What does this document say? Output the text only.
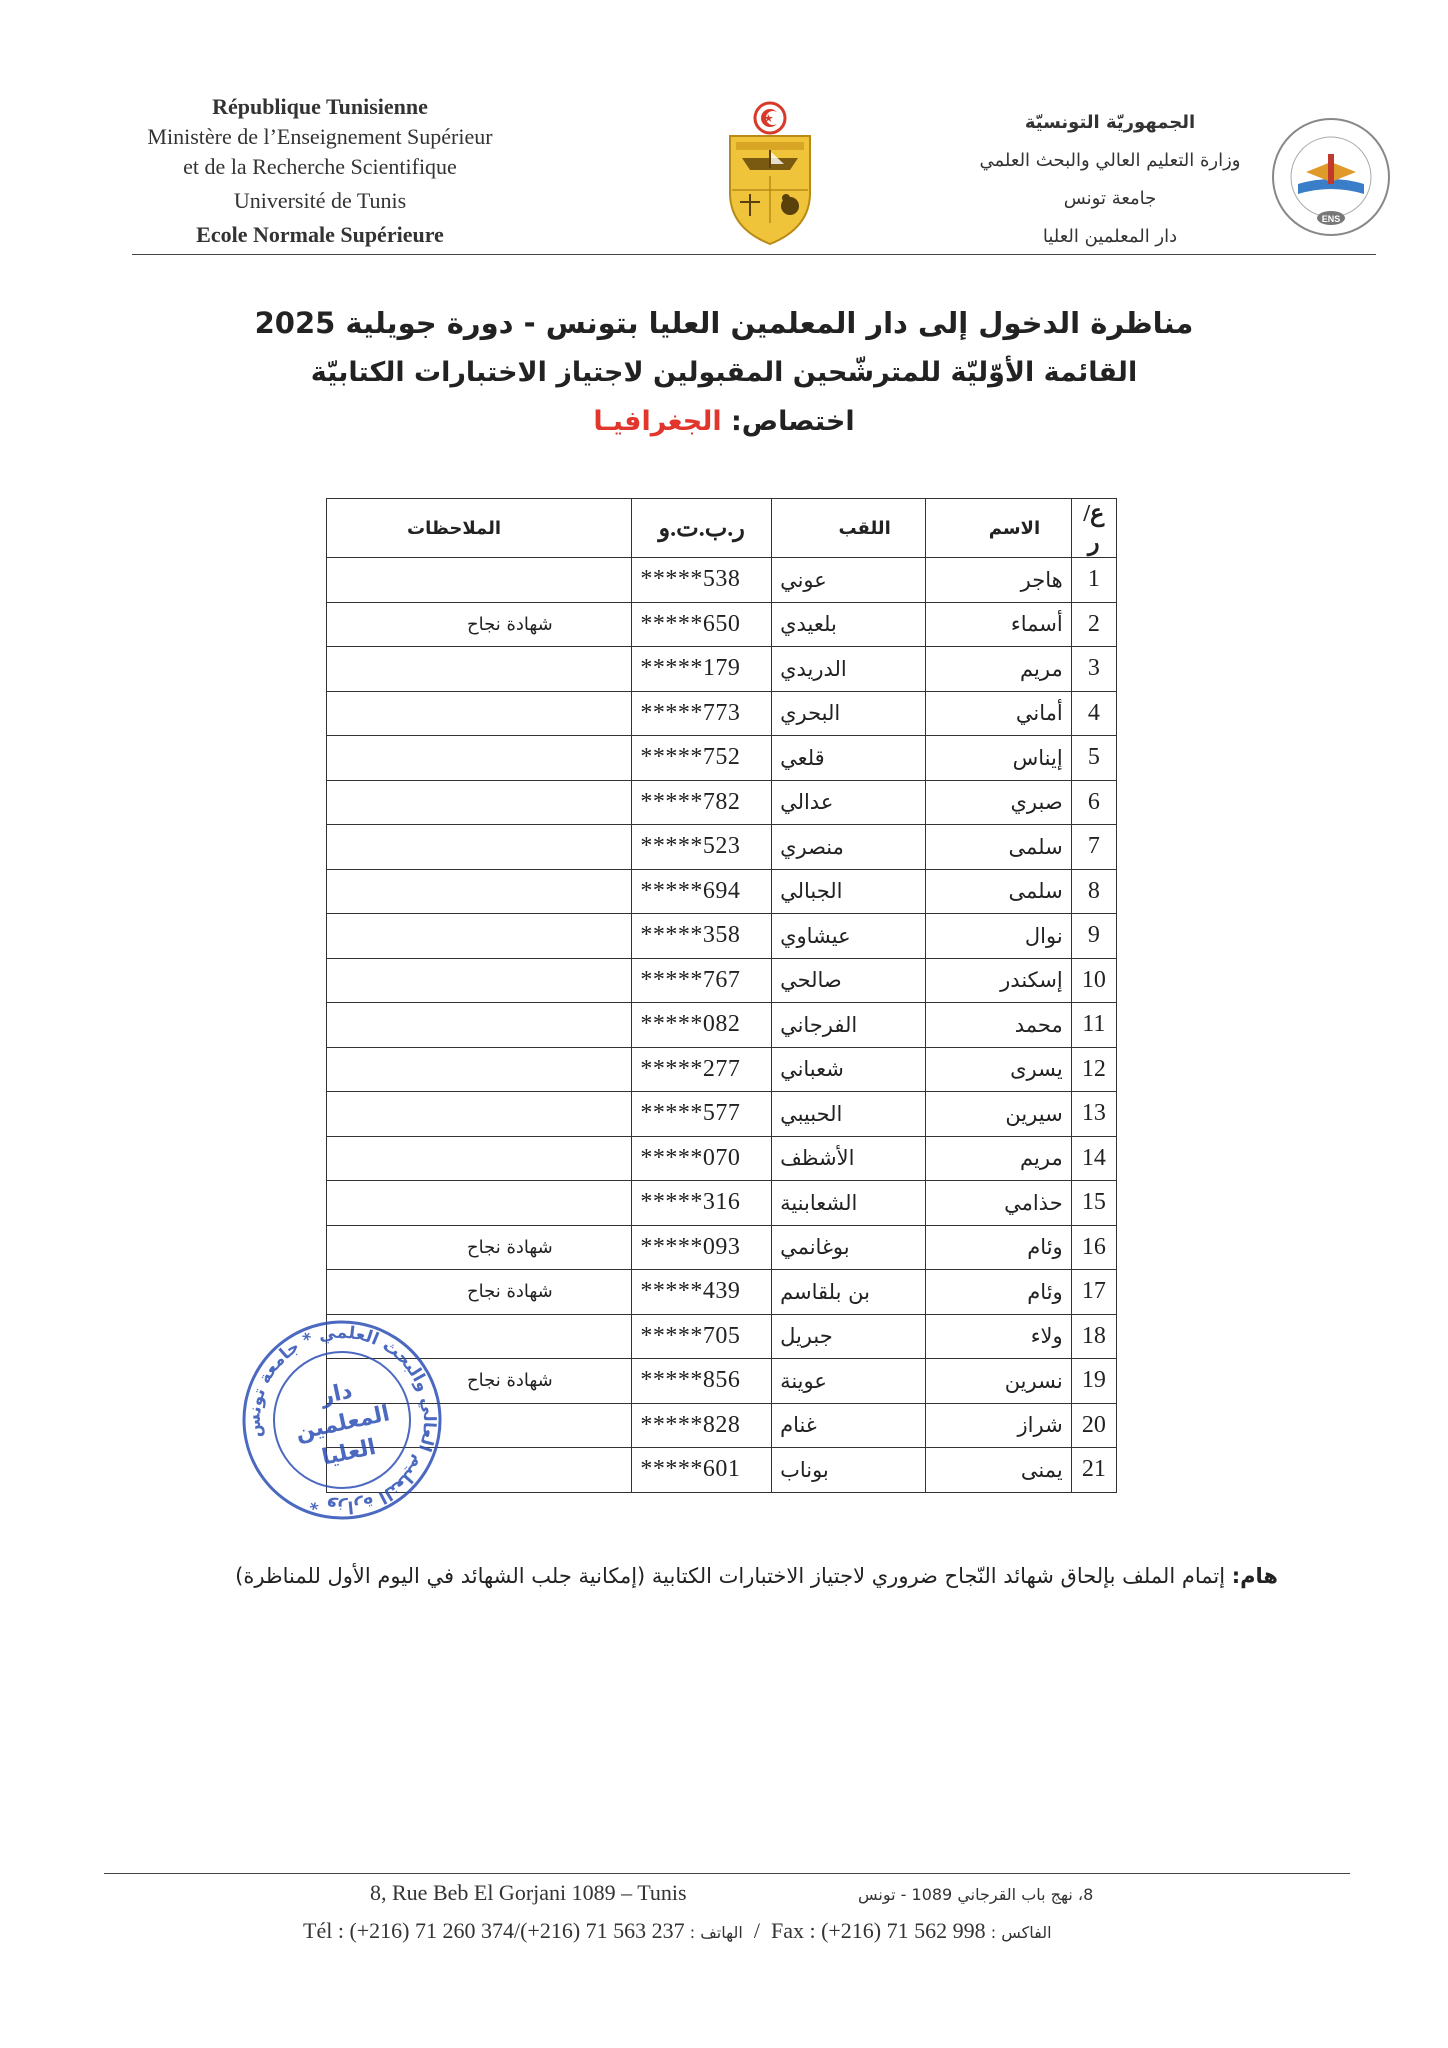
République Tunisienne
Ministère de l’Enseignement Supérieur
et de la Recherche Scientifique
Université de Tunis
Ecole Normale Supérieure
الجمهوريّة التونسيّة
وزارة التعليم العالي والبحث العلمي
جامعة تونس
دار المعلمين العليا
ENS
مناظرة الدخول إلى دار المعلمين العليا بتونس - دورة جويلية 2025
القائمة الأوّليّة للمترشّحين المقبولين لاجتياز الاختبارات الكتابيّة
اختصاص: الجغرافيـا
ع/ر	الاسم	اللقب	ر.ب.ت.و	الملاحظات
1	هاجر	عوني	*****538	
2	أسماء	بلعيدي	*****650	شهادة نجاح
3	مريم	الدريدي	*****179	
4	أماني	البحري	*****773	
5	إيناس	قلعي	*****752	
6	صبري	عدالي	*****782	
7	سلمى	منصري	*****523	
8	سلمى	الجبالي	*****694	
9	نوال	عيشاوي	*****358	
10	إسكندر	صالحي	*****767	
11	محمد	الفرجاني	*****082	
12	يسرى	شعباني	*****277	
13	سيرين	الحبيبي	*****577	
14	مريم	الأشظف	*****070	
15	حذامي	الشعابنية	*****316	
16	وئام	بوغانمي	*****093	شهادة نجاح
17	وئام	بن بلقاسم	*****439	شهادة نجاح
18	ولاء	جبريل	*****705	
19	نسرين	عوينة	*****856	شهادة نجاح
20	شراز	غنام	*****828	
21	يمنى	بوناب	*****601	
وزارة التعليم العالي والبحث العلمي * جامعة تونس *
دار
المعلمين
العليا
هام: إتمام الملف بإلحاق شهائد النّجاح ضروري لاجتياز الاختبارات الكتابية (إمكانية جلب الشهائد في اليوم الأول للمناظرة)
8, Rue Beb El Gorjani 1089 – Tunis	8، نهج باب القرجاني 1089 - تونس
Tél : (+216) 71 260 374/(+216) 71 563 237 : الهاتف  /  Fax : (+216) 71 562 998 : الفاكس
